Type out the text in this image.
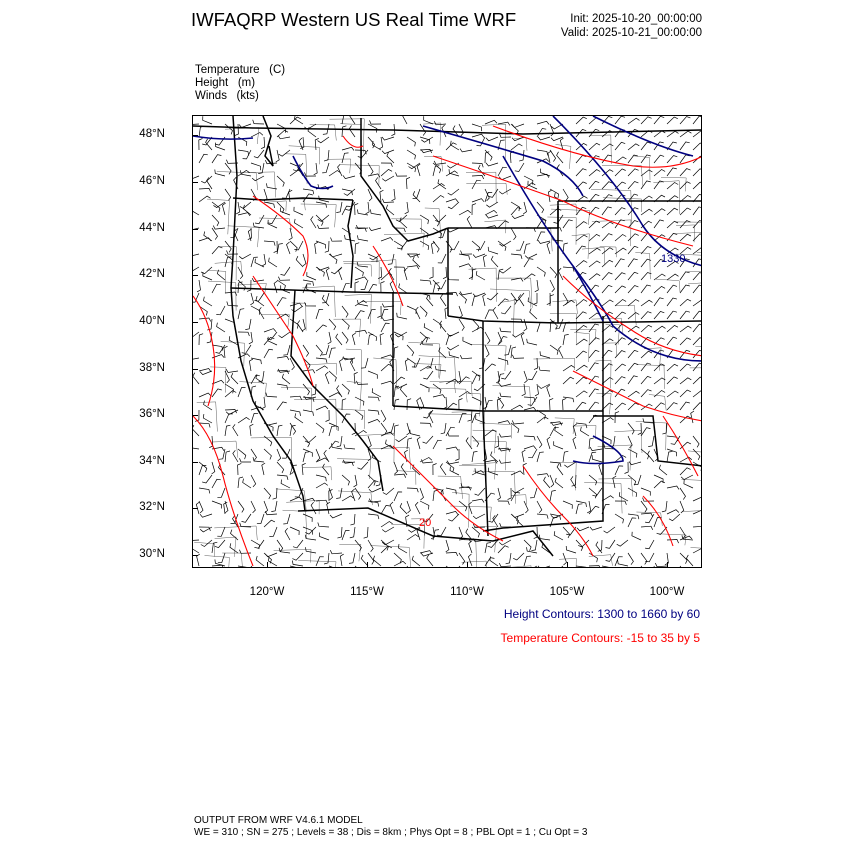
IWFAQRP Western US Real Time WRF	Init: 2025-10-20_00:00:00
Valid: 2025-10-21_00:00:00
Temperature   (C)
Height   (m)
Winds   (kts)
1330
20
48°N
46°N
44°N
42°N
40°N
38°N
36°N
34°N
32°N
30°N
120°W	115°W	110°W	105°W	100°W
Height Contours: 1300 to 1660 by 60
Temperature Contours: -15 to 35 by 5
OUTPUT FROM WRF V4.6.1 MODEL
WE = 310 ; SN = 275 ; Levels = 38 ; Dis = 8km ; Phys Opt = 8 ; PBL Opt = 1 ; Cu Opt = 3
